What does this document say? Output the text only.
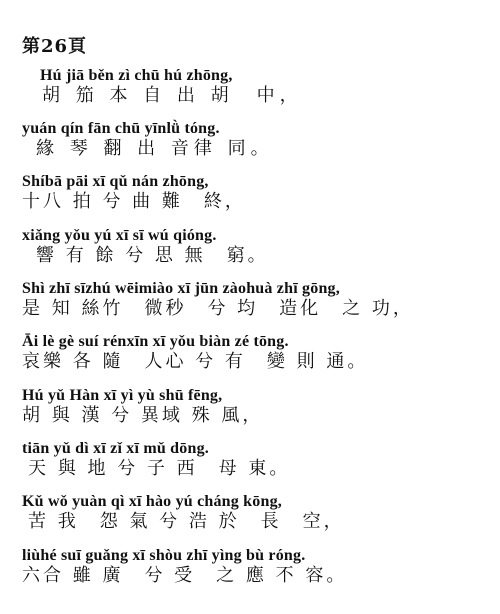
第26頁
Hú jiā běn zì chū hú zhōng,
胡 笳 本 自 出 胡　中，
yuán qín fān chū yīnlǜ tóng.
緣 琴 翻 出 音律 同。
Shíbā pāi xī qǔ nán zhōng,
十八 拍 兮 曲 難　終，
xiǎng yǒu yú xī sī wú qióng.
響 有 餘 兮 思 無　窮。
Shì zhī sīzhú wēimiào xī jūn zàohuà zhī gōng,
是 知 絲竹　微秒　兮 均　造化　之 功，
Āi lè gè suí rénxīn xī yǒu biàn zé tōng.
哀樂 各 隨　人心 兮 有　變 則 通。
Hú yǔ Hàn xī yì yù shū fēng,
胡 與 漢 兮 異域 殊 風，
tiān yǔ dì xī zǐ xī mǔ dōng.
天 與 地 兮 子 西　母 東。
Kǔ wǒ yuàn qì xī hào yú cháng kōng,
苦 我　怨 氣 兮 浩 於　長　空，
liùhé suī guǎng xī shòu zhī yìng bù róng.
六合 雖 廣　兮 受　之 應 不 容。
